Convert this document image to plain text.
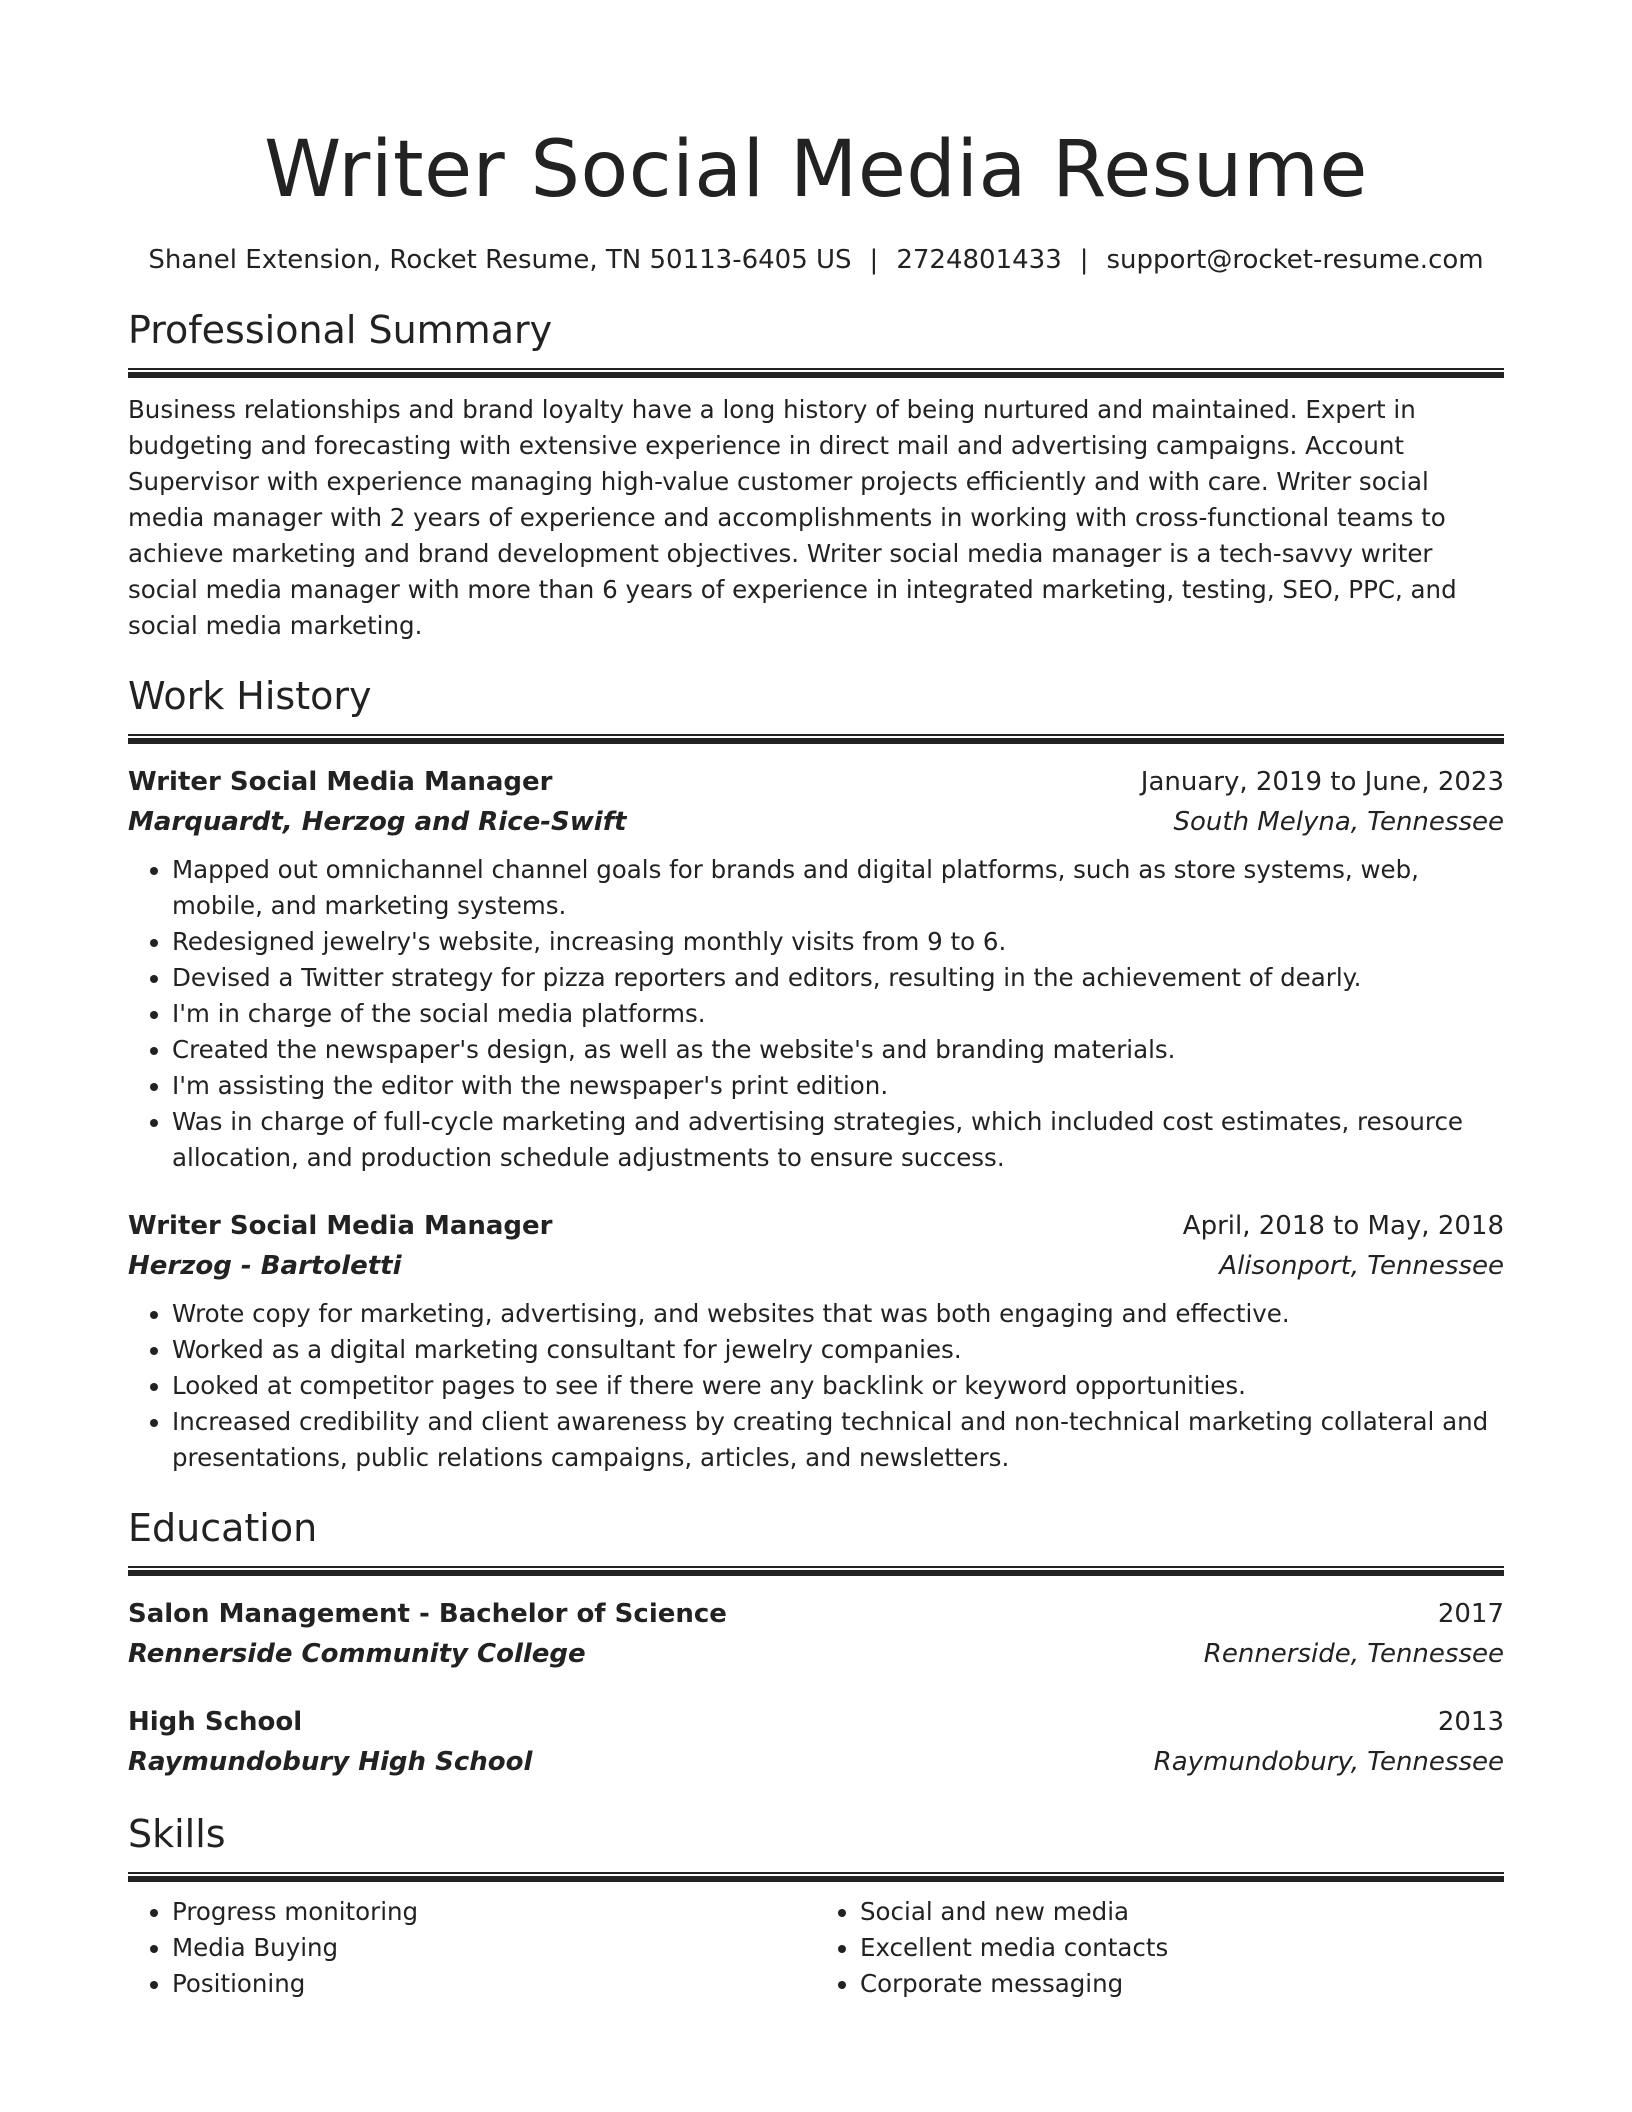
Writer Social Media Resume
Shanel Extension, Rocket Resume, TN 50113-6405 US | 2724801433 | support@rocket-resume.com
Professional Summary
Business relationships and brand loyalty have a long history of being nurtured and maintained. Expert in budgeting and forecasting with extensive experience in direct mail and advertising campaigns. Account Supervisor with experience managing high-value customer projects efficiently and with care. Writer social media manager with 2 years of experience and accomplishments in working with cross-functional teams to achieve marketing and brand development objectives. Writer social media manager is a tech-savvy writer social media manager with more than 6 years of experience in integrated marketing, testing, SEO, PPC, and social media marketing.
Work History
Writer Social Media Manager	January, 2019 to June, 2023
Marquardt, Herzog and Rice-Swift	South Melyna, Tennessee
• Mapped out omnichannel channel goals for brands and digital platforms, such as store systems, web, mobile, and marketing systems.
• Redesigned jewelry's website, increasing monthly visits from 9 to 6.
• Devised a Twitter strategy for pizza reporters and editors, resulting in the achievement of dearly.
• I'm in charge of the social media platforms.
• Created the newspaper's design, as well as the website's and branding materials.
• I'm assisting the editor with the newspaper's print edition.
• Was in charge of full-cycle marketing and advertising strategies, which included cost estimates, resource allocation, and production schedule adjustments to ensure success.
Writer Social Media Manager	April, 2018 to May, 2018
Herzog - Bartoletti	Alisonport, Tennessee
• Wrote copy for marketing, advertising, and websites that was both engaging and effective.
• Worked as a digital marketing consultant for jewelry companies.
• Looked at competitor pages to see if there were any backlink or keyword opportunities.
• Increased credibility and client awareness by creating technical and non-technical marketing collateral and presentations, public relations campaigns, articles, and newsletters.
Education
Salon Management - Bachelor of Science	2017
Rennerside Community College	Rennerside, Tennessee
High School	2013
Raymundobury High School	Raymundobury, Tennessee
Skills
• Progress monitoring
• Media Buying
• Positioning
• Social and new media
• Excellent media contacts
• Corporate messaging
